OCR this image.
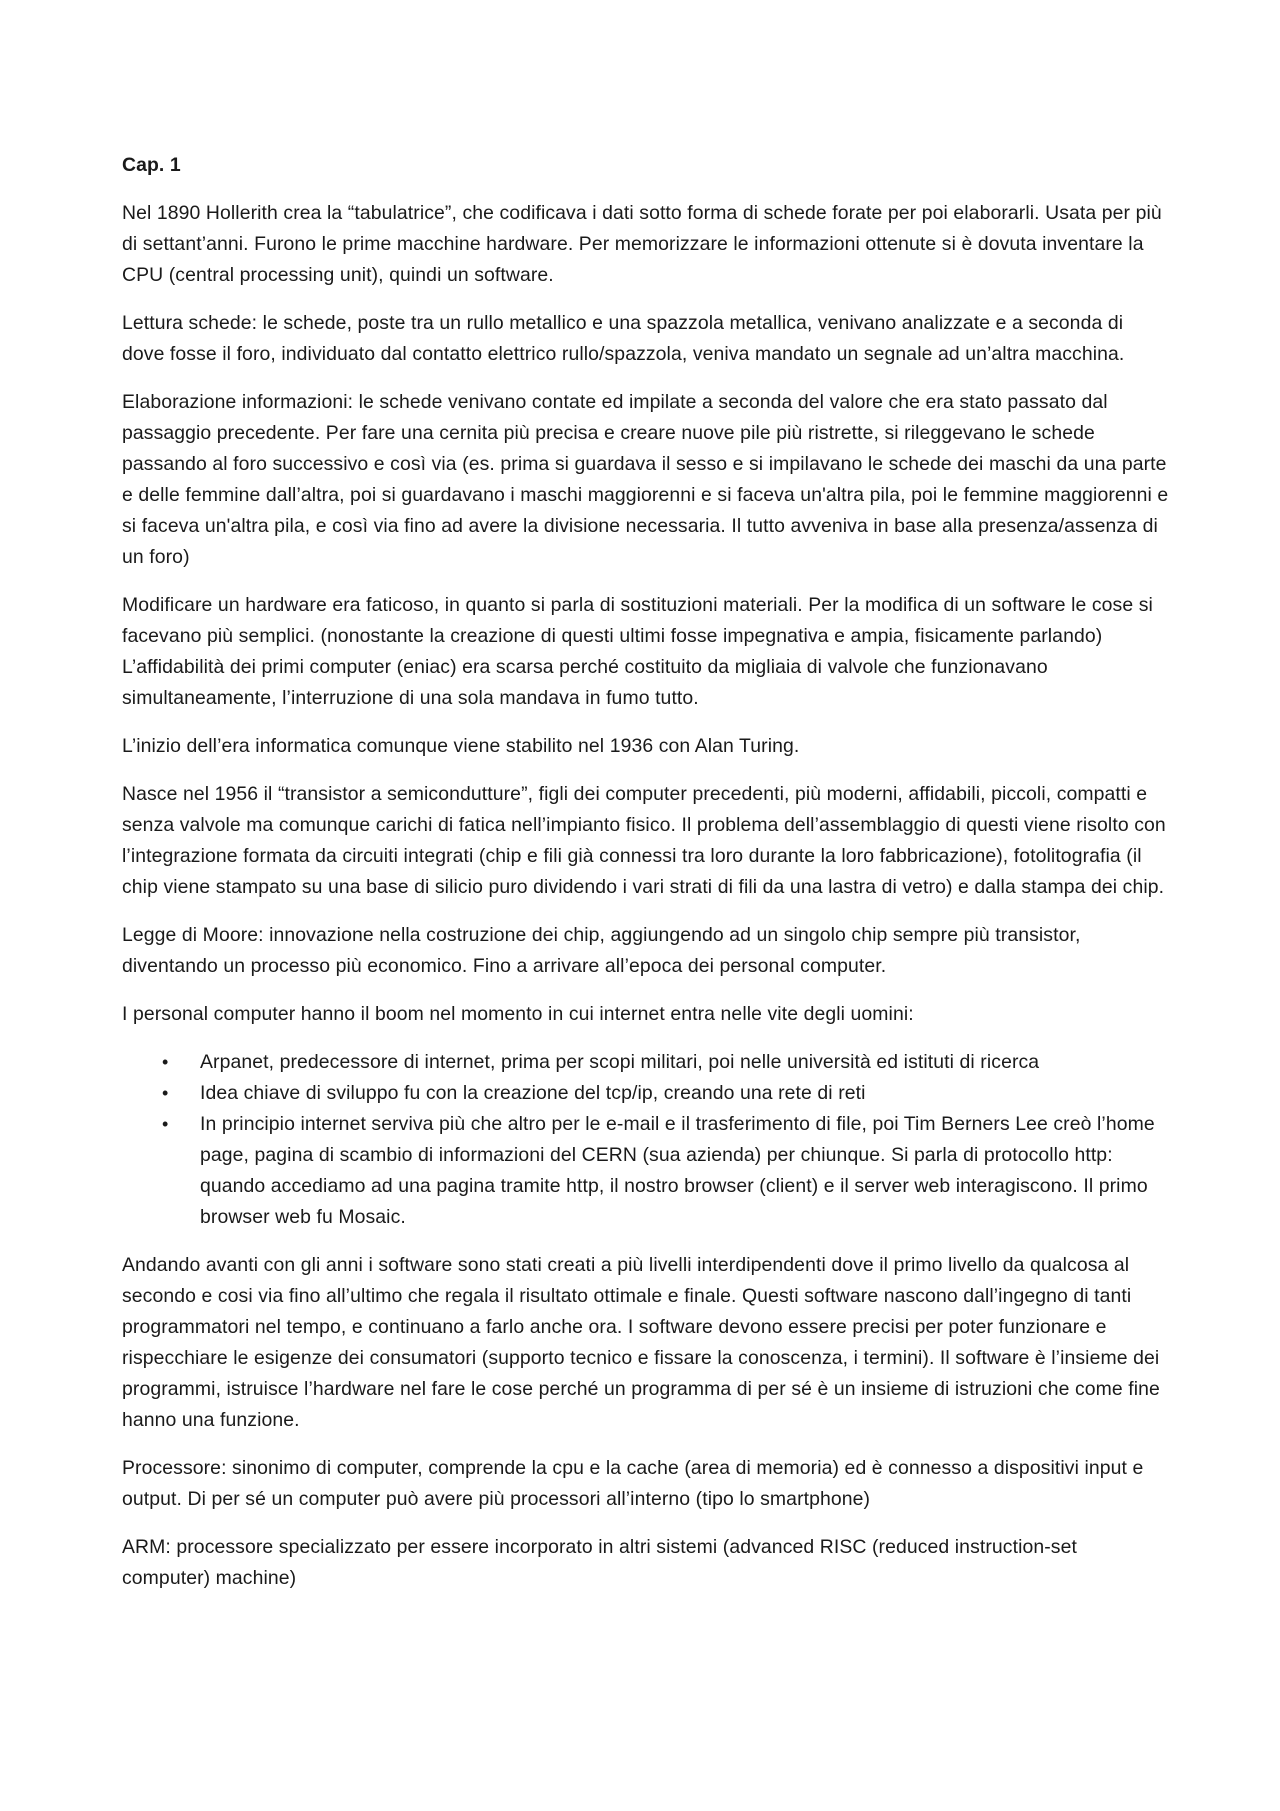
Cap. 1

Nel 1890 Hollerith crea la “tabulatrice”, che codificava i dati sotto forma di schede forate per poi elaborarli. Usata per più di settant’anni. Furono le prime macchine hardware. Per memorizzare le informazioni ottenute si è dovuta inventare la CPU (central processing unit), quindi un software.

Lettura schede: le schede, poste tra un rullo metallico e una spazzola metallica, venivano analizzate e a seconda di dove fosse il foro, individuato dal contatto elettrico rullo/spazzola, veniva mandato un segnale ad un’altra macchina.

Elaborazione informazioni: le schede venivano contate ed impilate a seconda del valore che era stato passato dal passaggio precedente. Per fare una cernita più precisa e creare nuove pile più ristrette, si rileggevano le schede passando al foro successivo e così via (es. prima si guardava il sesso e si impilavano le schede dei maschi da una parte e delle femmine dall’altra, poi si guardavano i maschi maggiorenni e si faceva un'altra pila, poi le femmine maggiorenni e si faceva un'altra pila, e così via fino ad avere la divisione necessaria. Il tutto avveniva in base alla presenza/assenza di un foro)

Modificare un hardware era faticoso, in quanto si parla di sostituzioni materiali. Per la modifica di un software le cose si facevano più semplici. (nonostante la creazione di questi ultimi fosse impegnativa e ampia, fisicamente parlando) L’affidabilità dei primi computer (eniac) era scarsa perché costituito da migliaia di valvole che funzionavano simultaneamente, l’interruzione di una sola mandava in fumo tutto.

L’inizio dell’era informatica comunque viene stabilito nel 1936 con Alan Turing.

Nasce nel 1956 il “transistor a semicondutture”, figli dei computer precedenti, più moderni, affidabili, piccoli, compatti e senza valvole ma comunque carichi di fatica nell’impianto fisico. Il problema dell’assemblaggio di questi viene risolto con l’integrazione formata da circuiti integrati (chip e fili già connessi tra loro durante la loro fabbricazione), fotolitografia (il chip viene stampato su una base di silicio puro dividendo i vari strati di fili da una lastra di vetro) e dalla stampa dei chip.

Legge di Moore: innovazione nella costruzione dei chip, aggiungendo ad un singolo chip sempre più transistor, diventando un processo più economico. Fino a arrivare all’epoca dei personal computer.

I personal computer hanno il boom nel momento in cui internet entra nelle vite degli uomini:

• Arpanet, predecessore di internet, prima per scopi militari, poi nelle università ed istituti di ricerca
• Idea chiave di sviluppo fu con la creazione del tcp/ip, creando una rete di reti
• In principio internet serviva più che altro per le e-mail e il trasferimento di file, poi Tim Berners Lee creò l’home page, pagina di scambio di informazioni del CERN (sua azienda) per chiunque. Si parla di protocollo http: quando accediamo ad una pagina tramite http, il nostro browser (client) e il server web interagiscono. Il primo browser web fu Mosaic.

Andando avanti con gli anni i software sono stati creati a più livelli interdipendenti dove il primo livello da qualcosa al secondo e cosi via fino all’ultimo che regala il risultato ottimale e finale. Questi software nascono dall’ingegno di tanti programmatori nel tempo, e continuano a farlo anche ora. I software devono essere precisi per poter funzionare e rispecchiare le esigenze dei consumatori (supporto tecnico e fissare la conoscenza, i termini). Il software è l’insieme dei programmi, istruisce l’hardware nel fare le cose perché un programma di per sé è un insieme di istruzioni che come fine hanno una funzione.

Processore: sinonimo di computer, comprende la cpu e la cache (area di memoria) ed è connesso a dispositivi input e output. Di per sé un computer può avere più processori all’interno (tipo lo smartphone)

ARM: processore specializzato per essere incorporato in altri sistemi (advanced RISC (reduced instruction-set computer) machine)
